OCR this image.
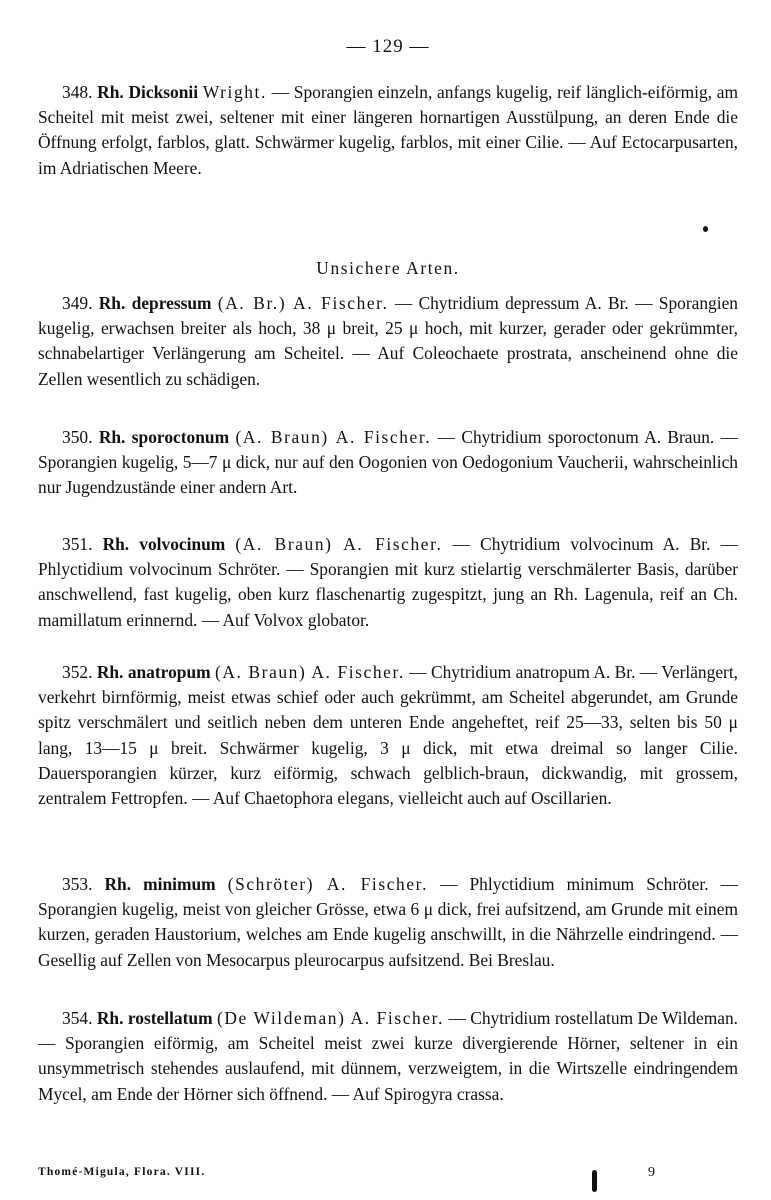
— 129 —
348. Rh. Dicksonii Wright. — Sporangien einzeln, anfangs kugelig, reif länglich-eiförmig, am Scheitel mit meist zwei, seltener mit einer längeren hornartigen Ausstülpung, an deren Ende die Öffnung erfolgt, farblos, glatt. Schwärmer kugelig, farblos, mit einer Cilie. — Auf Ectocarpusarten, im Adriatischen Meere.
Unsichere Arten.
349. Rh. depressum (A. Br.) A. Fischer. — Chytridium depressum A. Br. — Sporangien kugelig, erwachsen breiter als hoch, 38 μ breit, 25 μ hoch, mit kurzer, gerader oder gekrümmter, schnabelartiger Verlängerung am Scheitel. — Auf Coleochaete prostrata, anscheinend ohne die Zellen wesentlich zu schädigen.
350. Rh. sporoctonum (A. Braun) A. Fischer. — Chytridium sporoctonum A. Braun. — Sporangien kugelig, 5—7 μ dick, nur auf den Oogonien von Oedogonium Vaucherii, wahrscheinlich nur Jugendzustände einer andern Art.
351. Rh. volvocinum (A. Braun) A. Fischer. — Chytridium volvocinum A. Br. — Phlyctidium volvocinum Schröter. — Sporangien mit kurz stielartig verschmälerter Basis, darüber anschwellend, fast kugelig, oben kurz flaschenartig zugespitzt, jung an Rh. Lagenula, reif an Ch. mamillatum erinnernd. — Auf Volvox globator.
352. Rh. anatropum (A. Braun) A. Fischer. — Chytridium anatropum A. Br. — Verlängert, verkehrt birnförmig, meist etwas schief oder auch gekrümmt, am Scheitel abgerundet, am Grunde spitz verschmälert und seitlich neben dem unteren Ende angeheftet, reif 25—33, selten bis 50 μ lang, 13—15 μ breit. Schwärmer kugelig, 3 μ dick, mit etwa dreimal so langer Cilie. Dauersporangien kürzer, kurz eiförmig, schwach gelblich-braun, dickwandig, mit grossem, zentralem Fettropfen. — Auf Chaetophora elegans, vielleicht auch auf Oscillarien.
353. Rh. minimum (Schröter) A. Fischer. — Phlyctidium minimum Schröter. — Sporangien kugelig, meist von gleicher Grösse, etwa 6 μ dick, frei aufsitzend, am Grunde mit einem kurzen, geraden Haustorium, welches am Ende kugelig anschwillt, in die Nährzelle eindringend. — Gesellig auf Zellen von Mesocarpus pleurocarpus aufsitzend. Bei Breslau.
354. Rh. rostellatum (De Wildeman) A. Fischer. — Chytridium rostellatum De Wildeman. — Sporangien eiförmig, am Scheitel meist zwei kurze divergierende Hörner, seltener in ein unsymmetrisch stehendes auslaufend, mit dünnem, verzweigtem, in die Wirtszelle eindringendem Mycel, am Ende der Hörner sich öffnend. — Auf Spirogyra crassa.
Thomé-Migula, Flora. VIII.	9
